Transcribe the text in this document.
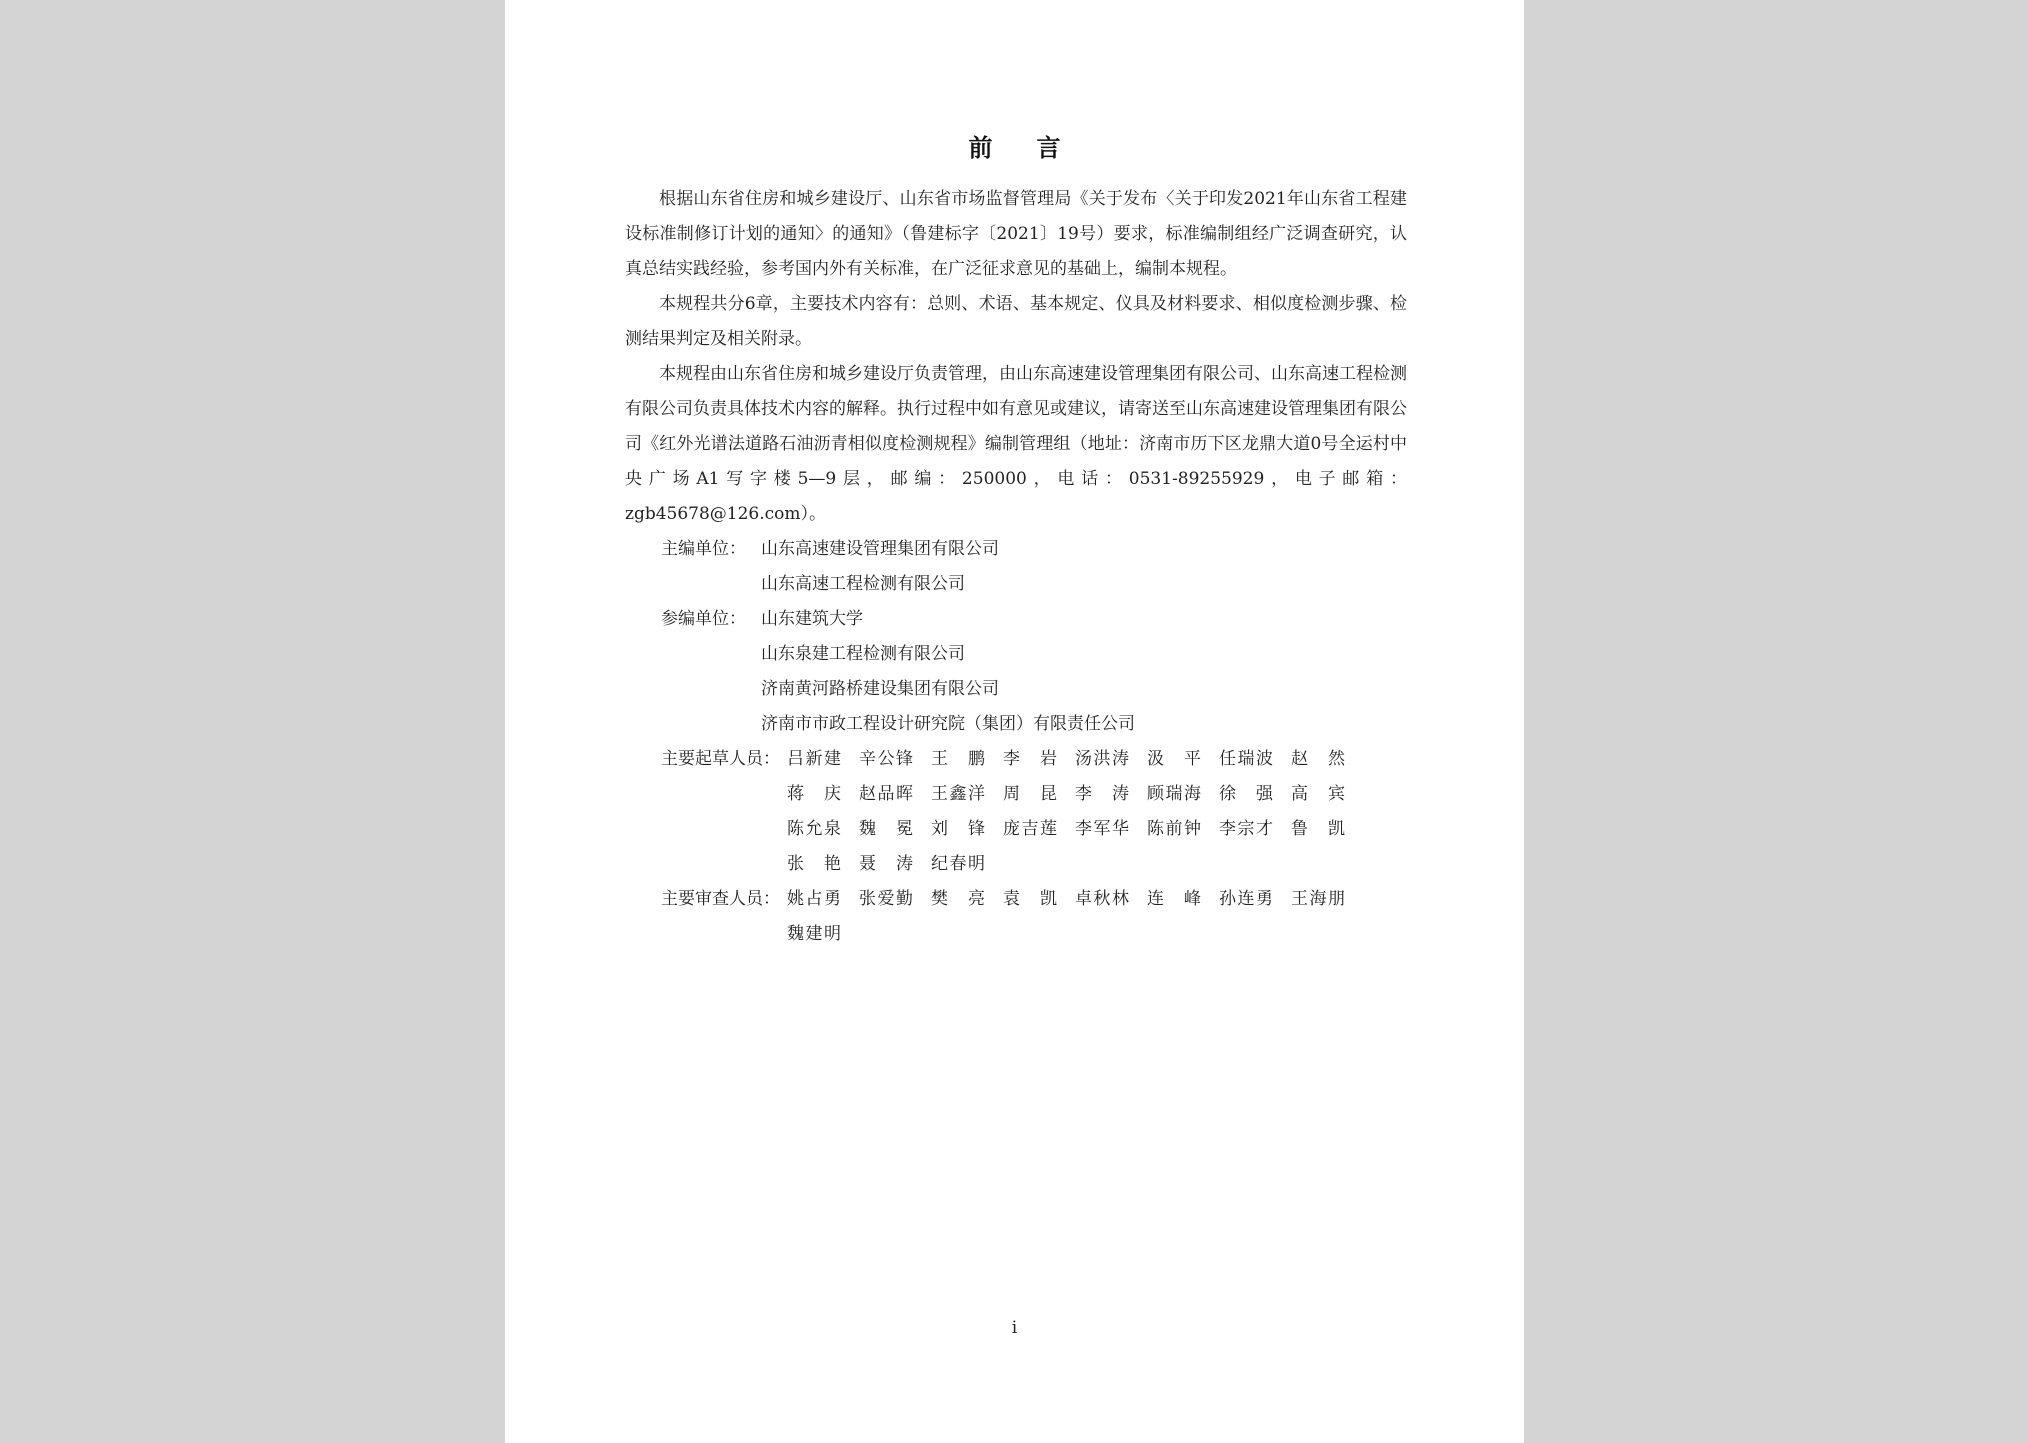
前言

根据山东省住房和城乡建设厅、山东省市场监督管理局《关于发布〈关于印发2021年山东省工程建设标准制修订计划的通知〉的通知》（鲁建标字〔2021〕19号）要求，标准编制组经广泛调查研究，认真总结实践经验，参考国内外有关标准，在广泛征求意见的基础上，编制本规程。

本规程共分6章，主要技术内容有：总则、术语、基本规定、仪具及材料要求、相似度检测步骤、检测结果判定及相关附录。

本规程由山东省住房和城乡建设厅负责管理，由山东高速建设管理集团有限公司、山东高速工程检测有限公司负责具体技术内容的解释。执行过程中如有意见或建议，请寄送至山东高速建设管理集团有限公司《红外光谱法道路石油沥青相似度检测规程》编制管理组（地址：济南市历下区龙鼎大道0号全运村中央广场A1写字楼5—9层，邮编：250000，电话：0531-89255929，电子邮箱：zgb45678@126.com）。

主编单位： 山东高速建设管理集团有限公司
山东高速工程检测有限公司
参编单位： 山东建筑大学
山东泉建工程检测有限公司
济南黄河路桥建设集团有限公司
济南市市政工程设计研究院（集团）有限责任公司
主要起草人员： 吕新建 辛公锋 王鹏 李岩 汤洪涛 汲平 任瑞波 赵然
蒋庆 赵品晖 王鑫洋 周昆 李涛 顾瑞海 徐强 高宾
陈允泉 魏冕 刘锋 庞吉莲 李军华 陈前钟 李宗才 鲁凯
张艳 聂涛 纪春明
主要审查人员： 姚占勇 张爱勤 樊亮 袁凯 卓秋林 连峰 孙连勇 王海朋
魏建明
i
